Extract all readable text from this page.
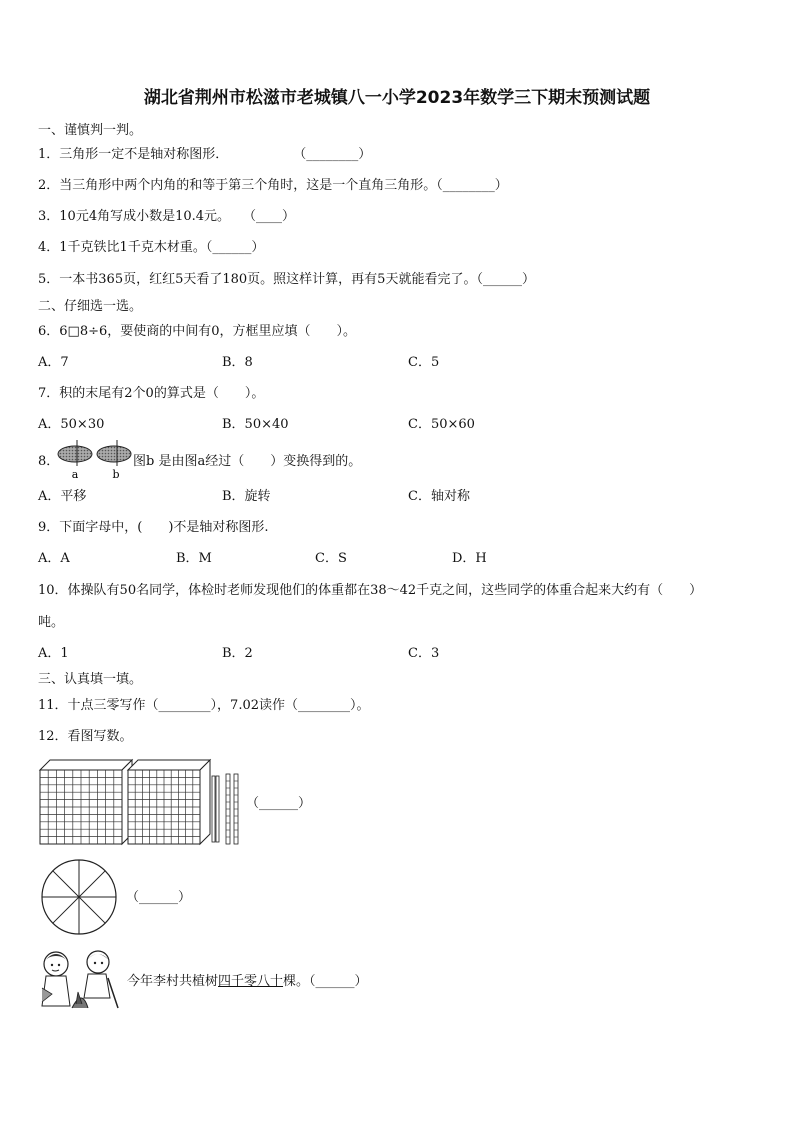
湖北省荆州市松滋市老城镇八一小学2023年数学三下期末预测试题
一、谨慎判一判。
1．三角形一定不是轴对称图形．　　　　　　（________）
2．当三角形中两个内角的和等于第三个角时，这是一个直角三角形。（________）
3．10元4角写成小数是10.4元。　　（____）
4．1千克铁比1千克木材重。（______）
5．一本书365页，红红5天看了180页。照这样计算，再有5天就能看完了。（______）
二、仔细选一选。
6．6□8÷6，要使商的中间有0，方框里应填（　　）。
A．7	B．8	C．5
7．积的末尾有2个0的算式是（　　）。
A．50×30	B．50×40	C．50×60
8．
a	b
图b 是由图a经过（　　）变换得到的。
A．平移	B．旋转	C．轴对称
9．下面字母中，(　　)不是轴对称图形.
A．A	B．M	C．S	D．H
10．体操队有50名同学，体检时老师发现他们的体重都在38～42千克之间，这些同学的体重合起来大约有（　　）
吨。
A．1	B．2	C．3
三、认真填一填。
11．十点三零写作（________），7.02读作（________）。
12．看图写数。
（______）
（______）
今年李村共植树四千零八十棵。（______）
